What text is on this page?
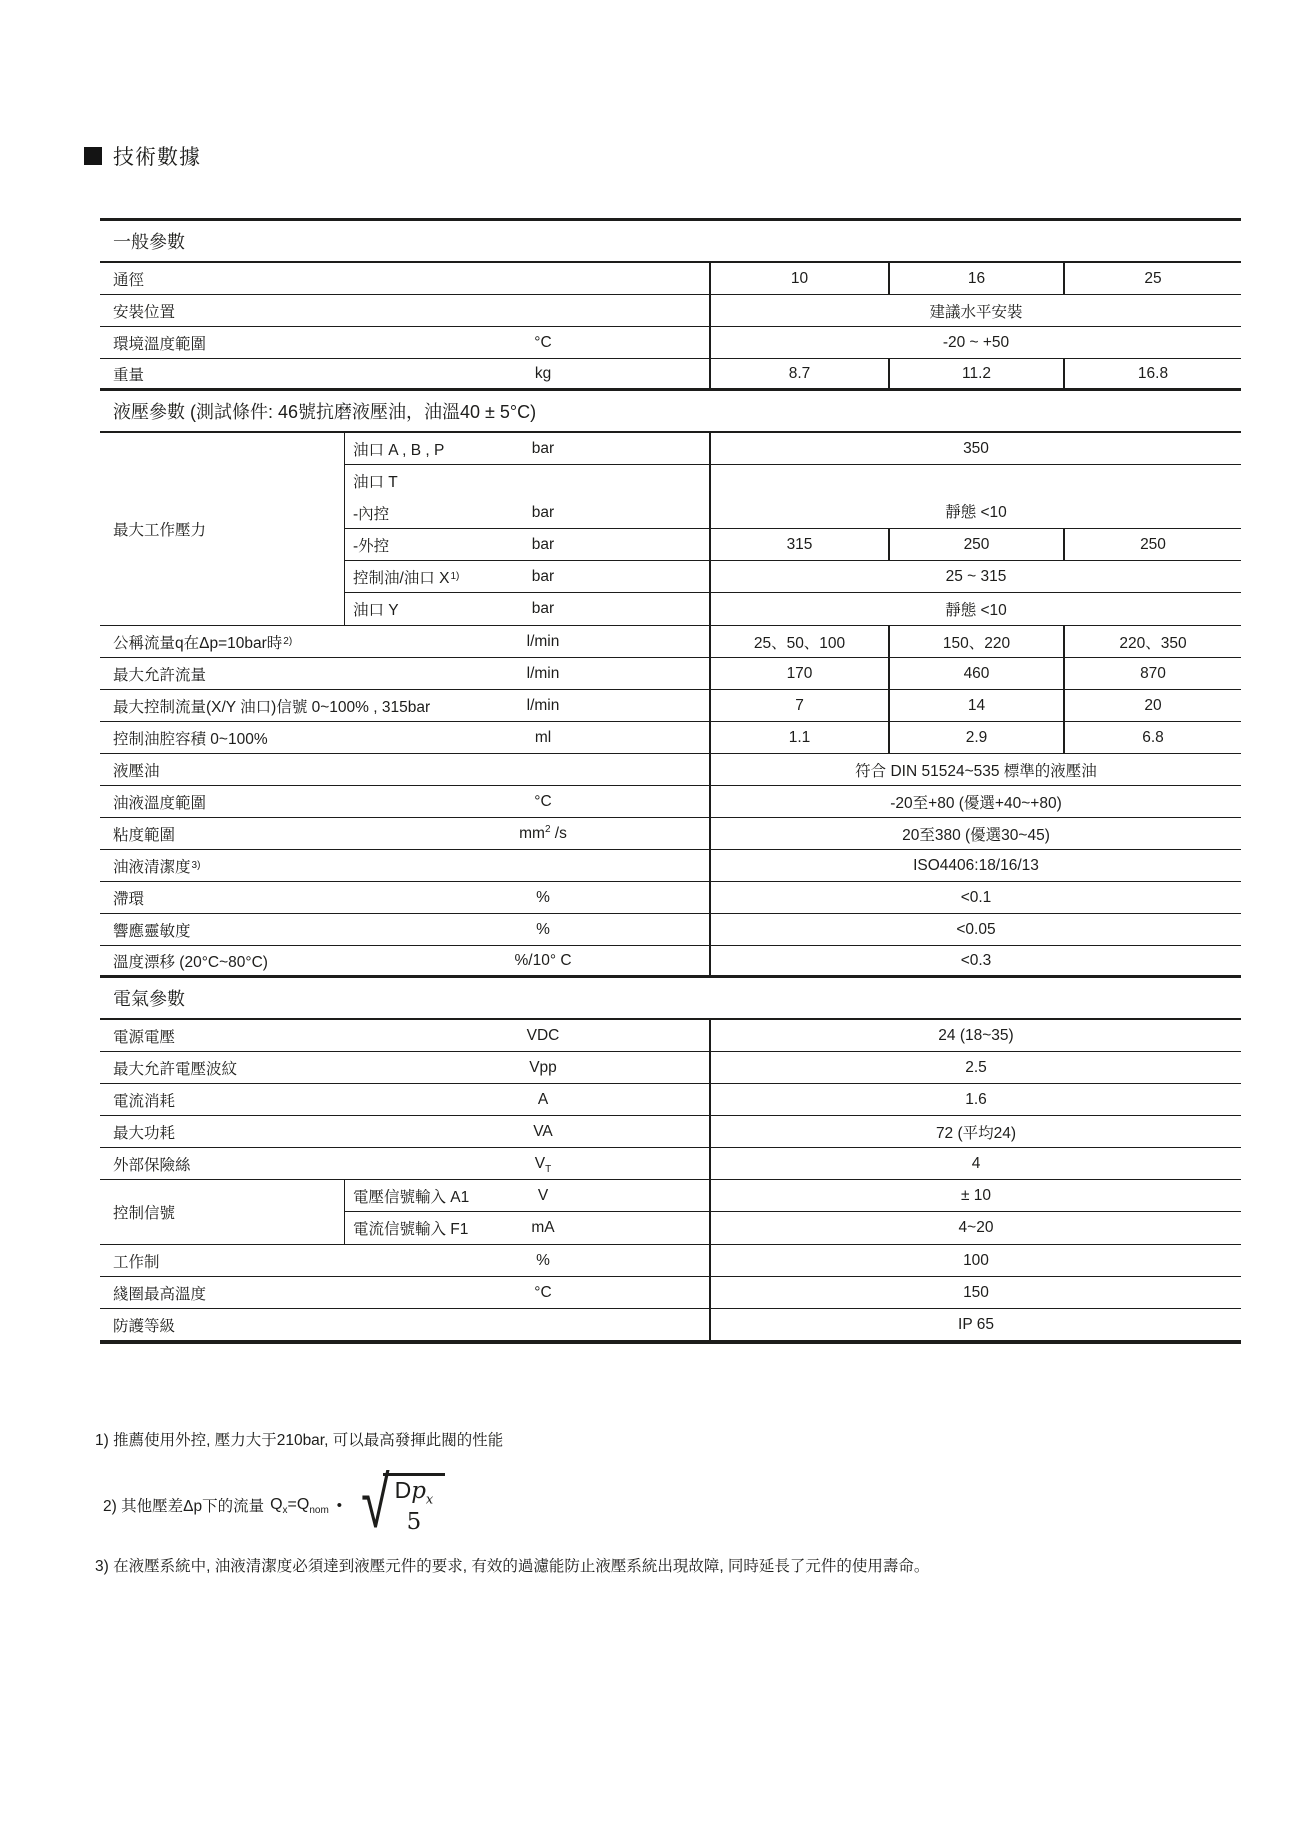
技術數據
一般參數
通徑	10	16	25
安裝位置	建議水平安裝
環境溫度範圍	°C	-20 ~ +50
重量	kg	8.7	11.2	16.8
液壓參數 (測試條件: 46號抗磨液壓油，油溫40 ± 5°C)
最大工作壓力
油口 A , B , P	bar	350
油口 T
-內控	bar	靜態 <10
-外控	bar	315	250	250
控制油/油口 X 1)	bar	25 ~ 315
油口 Y	bar	靜態 <10
公稱流量q在Δp=10bar時 2)	l/min	25、50、100	150、220	220、350
最大允許流量	l/min	170	460	870
最大控制流量(X/Y 油口)信號 0~100% , 315bar	l/min	7	14	20
控制油腔容積 0~100%	ml	1.1	2.9	6.8
液壓油	符合 DIN 51524~535 標準的液壓油
油液溫度範圍	°C	-20至+80 (優選+40~+80)
粘度範圍	$mm^2$ /s	20至380 (優選30~45)
油液清潔度 3)	ISO4406:18/16/13
滯環	%	<0.1
響應靈敏度	%	<0.05
溫度漂移 (20°C~80°C)	%/10° C	<0.3
電氣參數
電源電壓	VDC	24 (18~35)
最大允許電壓波紋	Vpp	2.5
電流消耗	A	1.6
最大功耗	VA	72 (平均24)
外部保險絲	$V_T$	4
控制信號
電壓信號輸入 A1	V	± 10
電流信號輸入 F1	mA	4~20
工作制	%	100
綫圈最高溫度	°C	150
防護等級	IP 65
1) 推薦使用外控, 壓力大于210bar, 可以最高發揮此閥的性能
2) 其他壓差Δp下的流量 $Q_x=Q_{nom}$ • √ $Dp_x$
5
3) 在液壓系統中, 油液清潔度必須達到液壓元件的要求, 有效的過濾能防止液壓系統出現故障, 同時延長了元件的使用壽命。
